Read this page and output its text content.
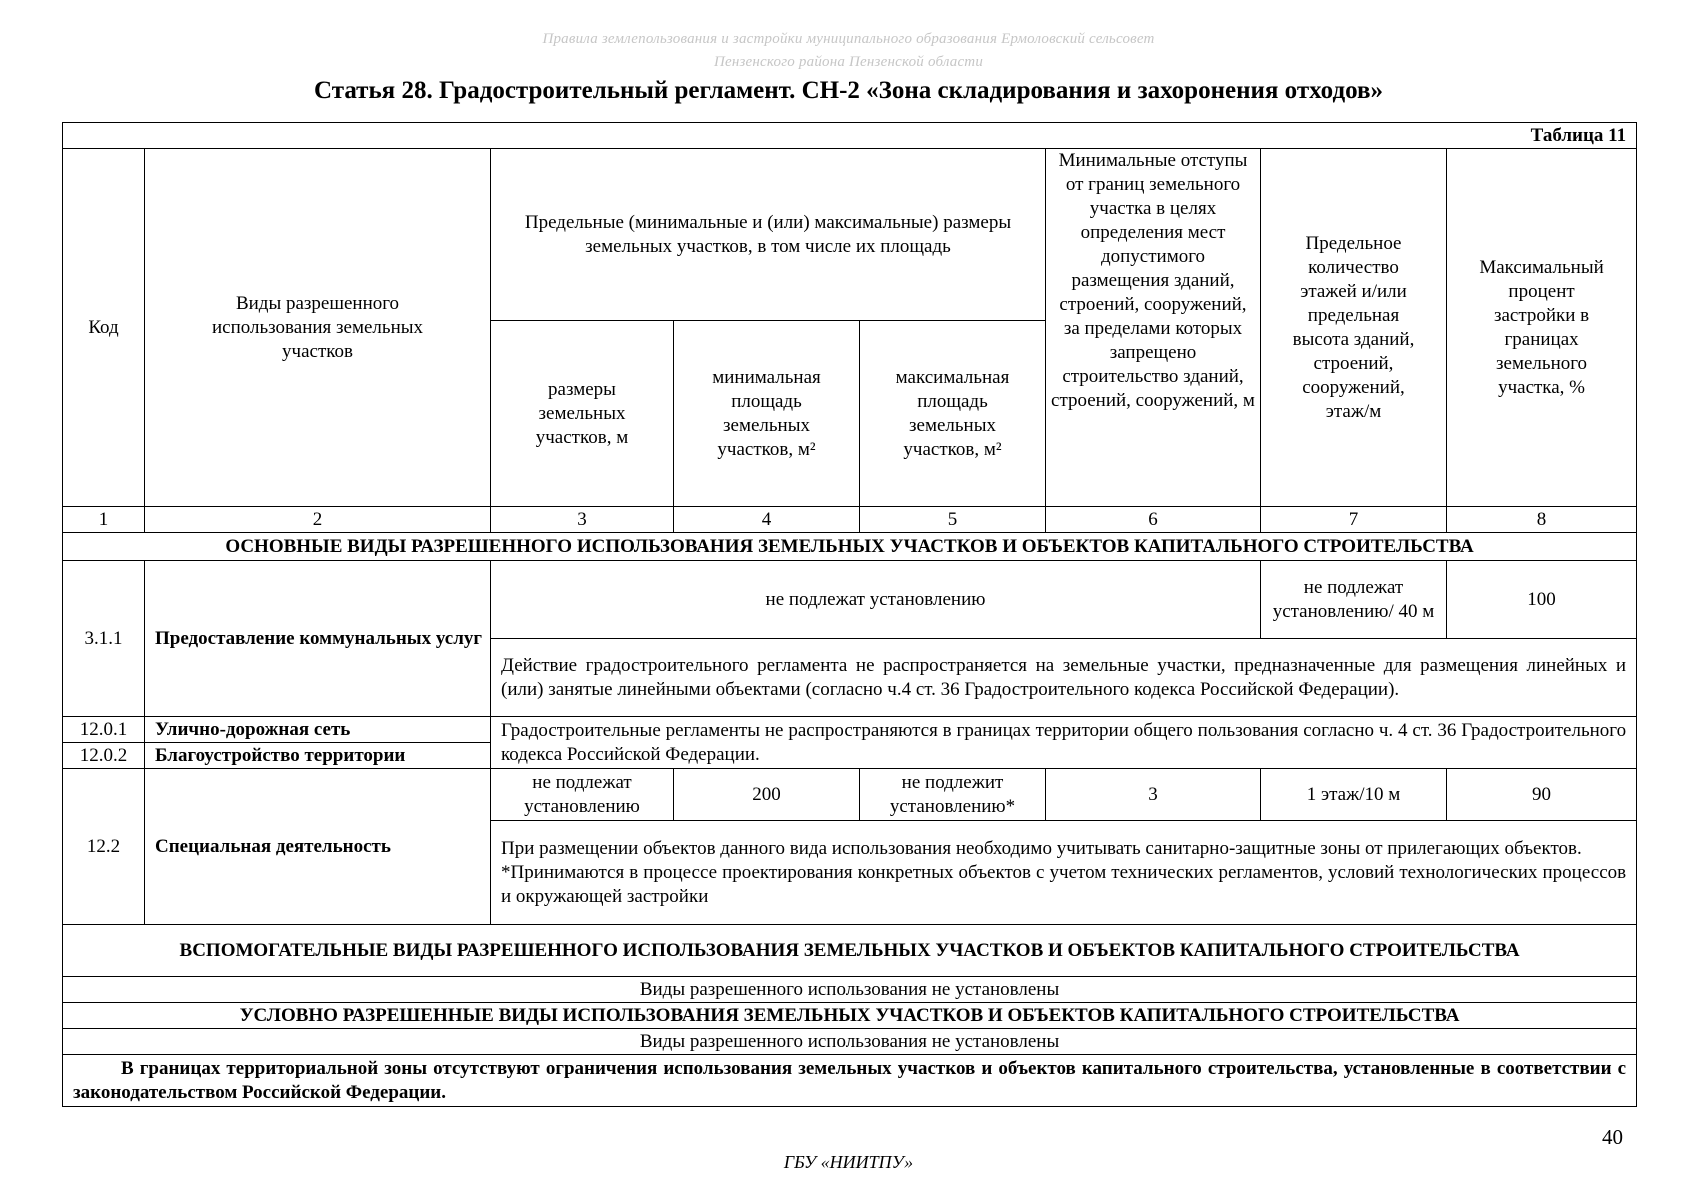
Правила землепользования и застройки муниципального образования Ермоловский сельсовет
Пензенского района Пензенской области
Статья 28. Градостроительный регламент. СН-2 «Зона складирования и захоронения отходов»
Таблица 11							
Код	Виды разрешенного использования земельных участков	Предельные (минимальные и (или) максимальные) размеры земельных участков, в том числе их площадь			Минимальные отступы от границ земельного участка в целях определения мест допустимого размещения зданий, строений, сооружений, за пределами которых запрещено строительство зданий, строений, сооружений, м	Предельное количество этажей и/или предельная высота зданий, строений, сооружений, этаж/м	Максимальный процент застройки в границах земельного участка, %
		размеры земельных участков, м	минимальная площадь земельных участков, м²	максимальная площадь земельных участков, м²			
1	2	3	4	5	6	7	8
ОСНОВНЫЕ ВИДЫ РАЗРЕШЕННОГО ИСПОЛЬЗОВАНИЯ ЗЕМЕЛЬНЫХ УЧАСТКОВ И ОБЪЕКТОВ КАПИТАЛЬНОГО СТРОИТЕЛЬСТВА							
3.1.1	Предоставление коммунальных услуг	не подлежат установлению				не подлежат установлению/ 40 м	100
		Действие градостроительного регламента не распространяется на земельные участки, предназначенные для размещения линейных и (или) занятые линейными объектами (согласно ч.4 ст. 36 Градостроительного кодекса Российской Федерации).					
12.0.1	Улично-дорожная сеть	Градостроительные регламенты не распространяются в границах территории общего пользования согласно ч. 4 ст. 36 Градостроительного кодекса Российской Федерации.					
12.0.2	Благоустройство территории						
12.2	Специальная деятельность	не подлежат установлению	200	не подлежит установлению*	3	1 этаж/10 м	90

		При размещении объектов данного вида использования необходимо учитывать санитарно-защитные зоны от прилегающих объектов.
*Принимаются в процессе проектирования конкретных объектов с учетом технических регламентов, условий технологических процессов и окружающей застройки					

ВСПОМОГАТЕЛЬНЫЕ ВИДЫ РАЗРЕШЕННОГО ИСПОЛЬЗОВАНИЯ ЗЕМЕЛЬНЫХ УЧАСТКОВ И ОБЪЕКТОВ КАПИТАЛЬНОГО СТРОИТЕЛЬСТВА							
Виды разрешенного использования не установлены							
УСЛОВНО РАЗРЕШЕННЫЕ ВИДЫ ИСПОЛЬЗОВАНИЯ ЗЕМЕЛЬНЫХ УЧАСТКОВ И ОБЪЕКТОВ КАПИТАЛЬНОГО СТРОИТЕЛЬСТВА							
Виды разрешенного использования не установлены							
В границах территориальной зоны отсутствуют ограничения использования земельных участков и объектов капитального строительства, установленные в соответствии с законодательством Российской Федерации.							
40
ГБУ «НИИТПУ»
